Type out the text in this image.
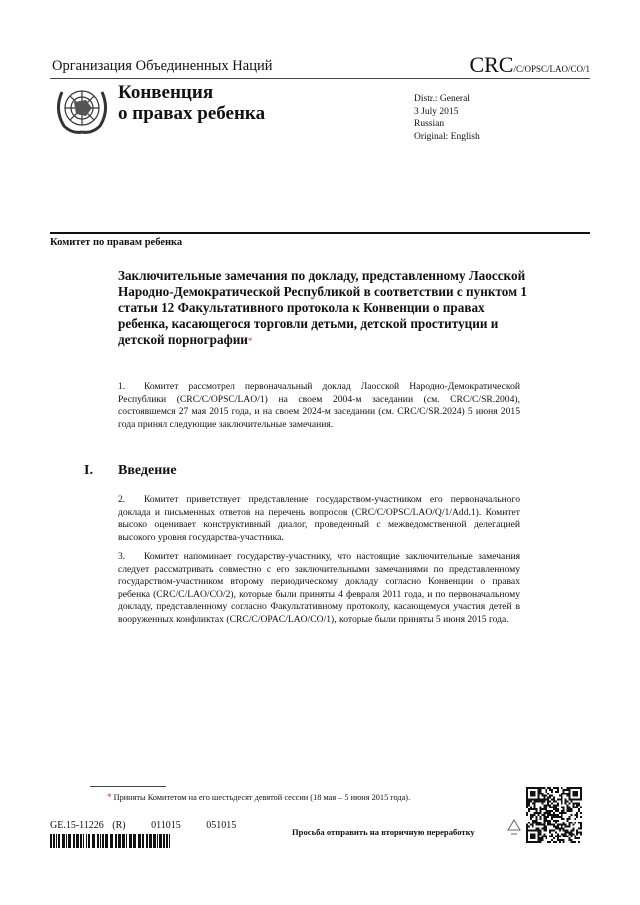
Организация Объединенных Наций	CRC/C/OPSC/LAO/CO/1
Конвенция
о правах ребенка
Distr.: General
3 July 2015
Russian
Original: English
Комитет по правам ребенка
Заключительные замечания по докладу, представленному Лаосской Народно-Демократической Республикой в соответствии с пунктом 1 статьи 12 Факультативного протокола к Конвенции о правах ребенка, касающегося торговли детьми, детской проституции и детской порнографии*
1. Комитет рассмотрел первоначальный доклад Лаосской Народно-Демократической Республики (CRC/C/OPSC/LAO/1) на своем 2004-м заседании (см. CRC/C/SR.2004), состоявшемся 27 мая 2015 года, и на своем 2024-м заседании (см. CRC/C/SR.2024) 5 июня 2015 года принял следующие заключительные замечания.
I. Введение
2. Комитет приветствует представление государством-участником его первоначального доклада и письменных ответов на перечень вопросов (CRC/C/OPSC/LAO/Q/1/Add.1). Комитет высоко оценивает конструктивный диалог, проведенный с межведомственной делегацией высокого уровня государства-участника.
3. Комитет напоминает государству-участнику, что настоящие заключительные замечания следует рассматривать совместно с его заключительными замечаниями по представленному государством-участником второму периодическому докладу согласно Конвенции о правах ребенка (CRC/C/LAO/CO/2), которые были приняты 4 февраля 2011 года, и по первоначальному докладу, представленному согласно Факультативному протоколу, касающемуся участия детей в вооруженных конфликтах (CRC/C/OPAC/LAO/CO/1), которые были приняты 5 июня 2015 года.
* Приняты Комитетом на его шестьдесят девятой сессии (18 мая – 5 июня 2015 года).
GE.15-11226 (R)   011015   051015
Просьба отправить на вторичную переработку
